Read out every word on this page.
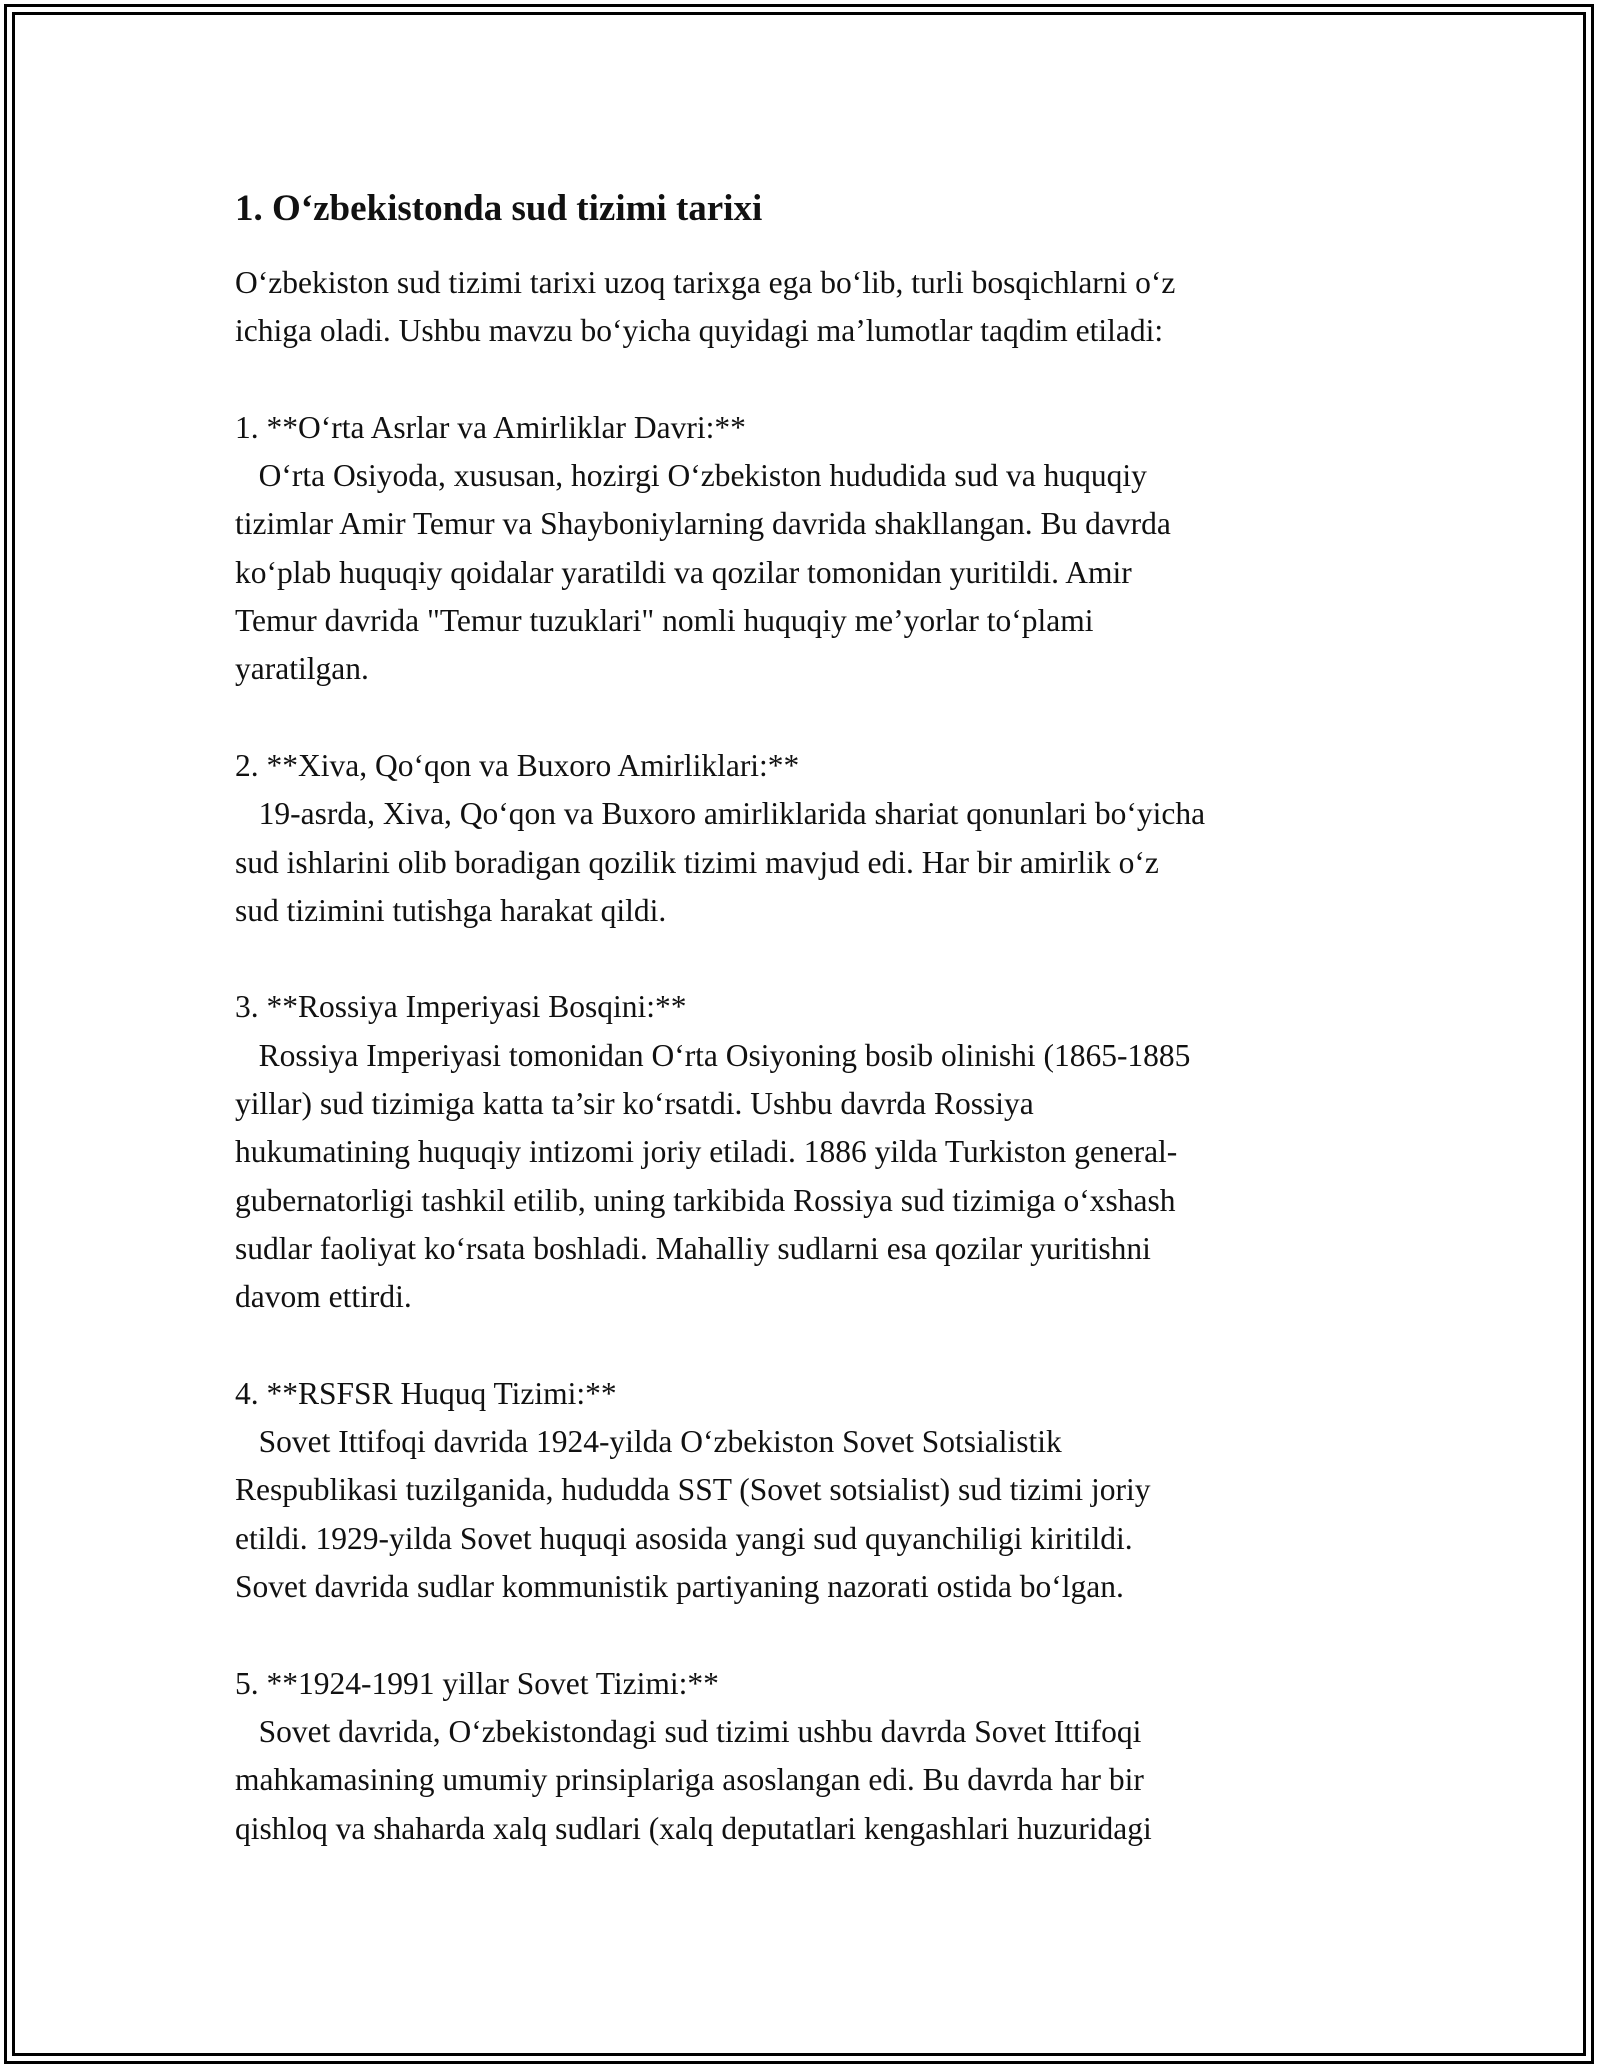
1. O‘zbekistonda sud tizimi tarixi
O‘zbekiston sud tizimi tarixi uzoq tarixga ega bo‘lib, turli bosqichlarni o‘z
ichiga oladi. Ushbu mavzu bo‘yicha quyidagi ma’lumotlar taqdim etiladi:
1. **O‘rta Asrlar va Amirliklar Davri:**
O‘rta Osiyoda, xususan, hozirgi O‘zbekiston hududida sud va huquqiy
tizimlar Amir Temur va Shayboniylarning davrida shakllangan. Bu davrda
ko‘plab huquqiy qoidalar yaratildi va qozilar tomonidan yuritildi. Amir
Temur davrida "Temur tuzuklari" nomli huquqiy me’yorlar to‘plami
yaratilgan.
2. **Xiva, Qo‘qon va Buxoro Amirliklari:**
19-asrda, Xiva, Qo‘qon va Buxoro amirliklarida shariat qonunlari bo‘yicha
sud ishlarini olib boradigan qozilik tizimi mavjud edi. Har bir amirlik o‘z
sud tizimini tutishga harakat qildi.
3. **Rossiya Imperiyasi Bosqini:**
Rossiya Imperiyasi tomonidan O‘rta Osiyoning bosib olinishi (1865-1885
yillar) sud tizimiga katta ta’sir ko‘rsatdi. Ushbu davrda Rossiya
hukumatining huquqiy intizomi joriy etiladi. 1886 yilda Turkiston general-
gubernatorligi tashkil etilib, uning tarkibida Rossiya sud tizimiga o‘xshash
sudlar faoliyat ko‘rsata boshladi. Mahalliy sudlarni esa qozilar yuritishni
davom ettirdi.
4. **RSFSR Huquq Tizimi:**
Sovet Ittifoqi davrida 1924-yilda O‘zbekiston Sovet Sotsialistik
Respublikasi tuzilganida, hududda SST (Sovet sotsialist) sud tizimi joriy
etildi. 1929-yilda Sovet huquqi asosida yangi sud quyanchiligi kiritildi.
Sovet davrida sudlar kommunistik partiyaning nazorati ostida bo‘lgan.
5. **1924-1991 yillar Sovet Tizimi:**
Sovet davrida, O‘zbekistondagi sud tizimi ushbu davrda Sovet Ittifoqi
mahkamasining umumiy prinsiplariga asoslangan edi. Bu davrda har bir
qishloq va shaharda xalq sudlari (xalq deputatlari kengashlari huzuridagi
